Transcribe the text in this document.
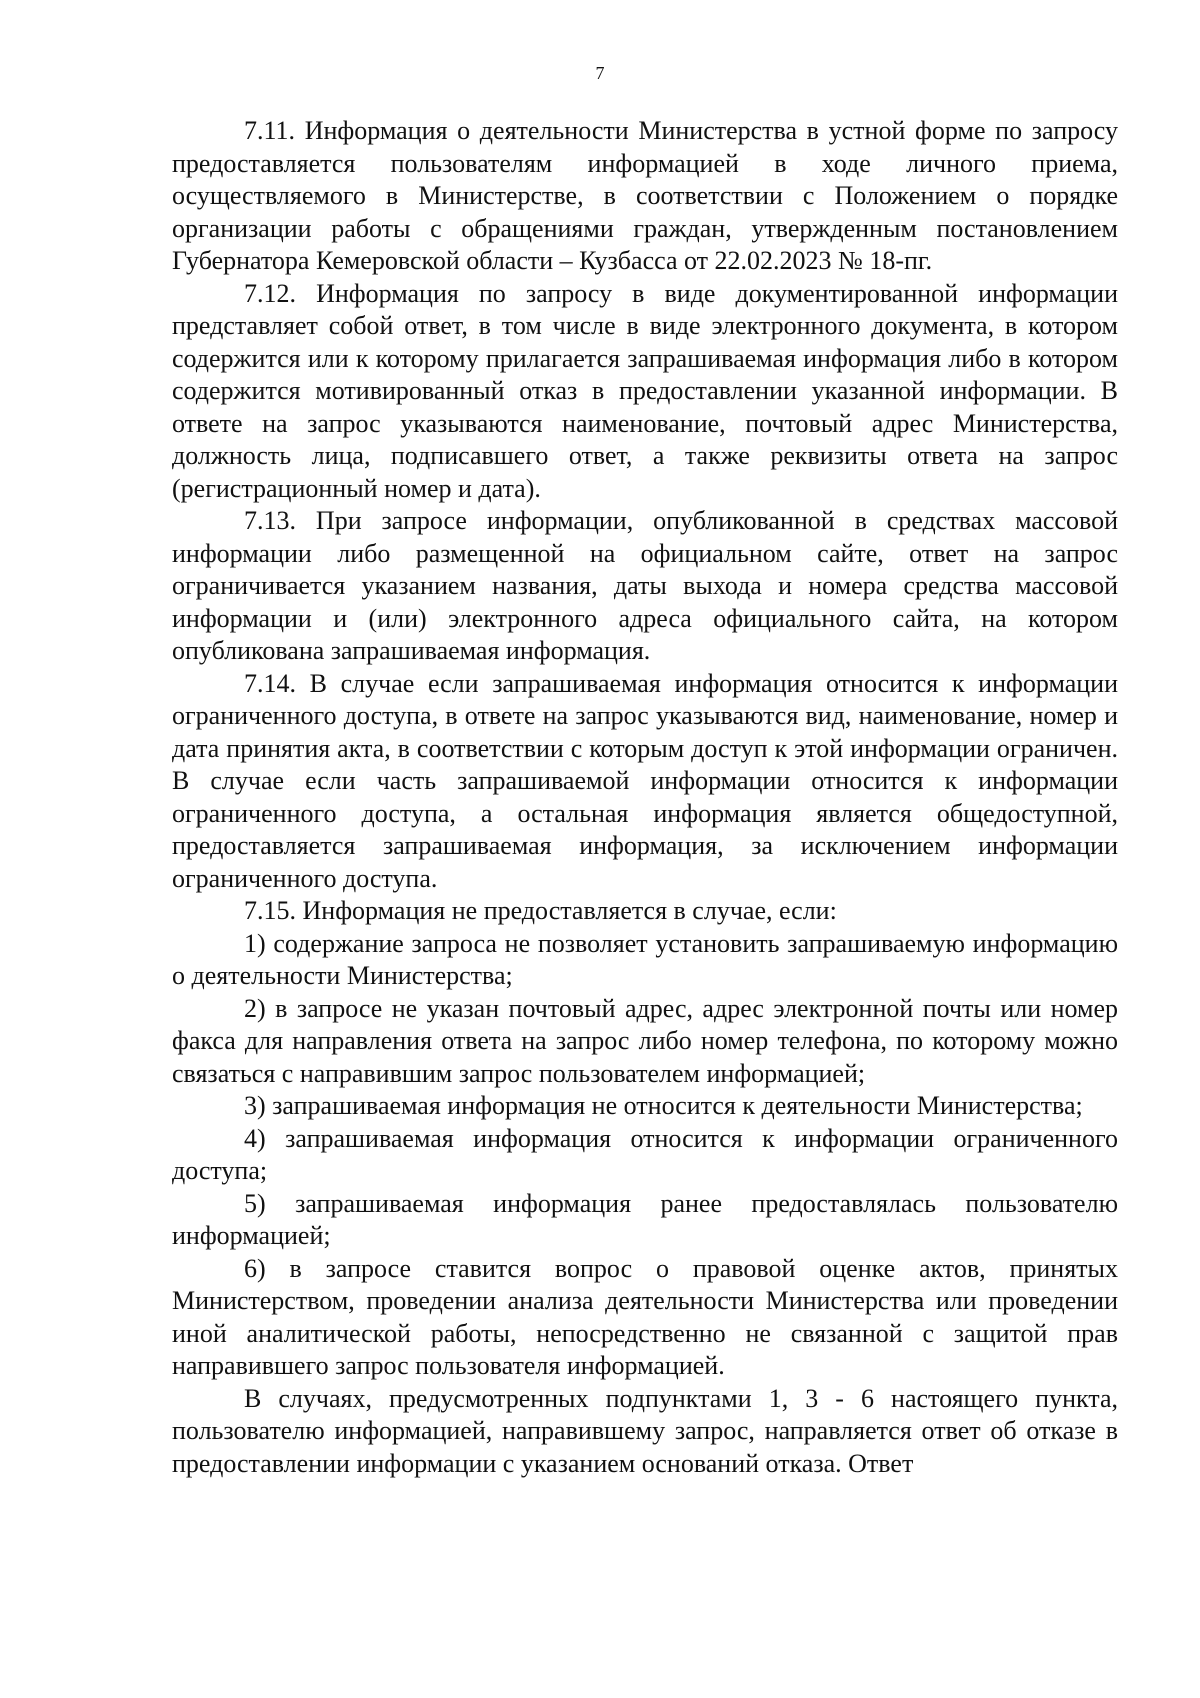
7

7.11. Информация о деятельности Министерства в устной форме по запросу предоставляется пользователям информацией в ходе личного приема, осуществляемого в Министерстве, в соответствии с Положением о порядке организации работы с обращениями граждан, утвержденным постановлением Губернатора Кемеровской области – Кузбасса от 22.02.2023 № 18-пг.

7.12. Информация по запросу в виде документированной информации представляет собой ответ, в том числе в виде электронного документа, в котором содержится или к которому прилагается запрашиваемая информация либо в котором содержится мотивированный отказ в предоставлении указанной информации. В ответе на запрос указываются наименование, почтовый адрес Министерства, должность лица, подписавшего ответ, а также реквизиты ответа на запрос (регистрационный номер и дата).

7.13. При запросе информации, опубликованной в средствах массовой информации либо размещенной на официальном сайте, ответ на запрос ограничивается указанием названия, даты выхода и номера средства массовой информации и (или) электронного адреса официального сайта, на котором опубликована запрашиваемая информация.

7.14. В случае если запрашиваемая информация относится к информации ограниченного доступа, в ответе на запрос указываются вид, наименование, номер и дата принятия акта, в соответствии с которым доступ к этой информации ограничен. В случае если часть запрашиваемой информации относится к информации ограниченного доступа, а остальная информация является общедоступной, предоставляется запрашиваемая информация, за исключением информации ограниченного доступа.

7.15. Информация не предоставляется в случае, если:

1) содержание запроса не позволяет установить запрашиваемую информацию о деятельности Министерства;

2) в запросе не указан почтовый адрес, адрес электронной почты или номер факса для направления ответа на запрос либо номер телефона, по которому можно связаться с направившим запрос пользователем информацией;

3) запрашиваемая информация не относится к деятельности Министерства;

4) запрашиваемая информация относится к информации ограниченного доступа;

5) запрашиваемая информация ранее предоставлялась пользователю информацией;

6) в запросе ставится вопрос о правовой оценке актов, принятых Министерством, проведении анализа деятельности Министерства или проведении иной аналитической работы, непосредственно не связанной с защитой прав направившего запрос пользователя информацией.

В случаях, предусмотренных подпунктами 1, 3 - 6 настоящего пункта, пользователю информацией, направившему запрос, направляется ответ об отказе в предоставлении информации с указанием оснований отказа. Ответ
